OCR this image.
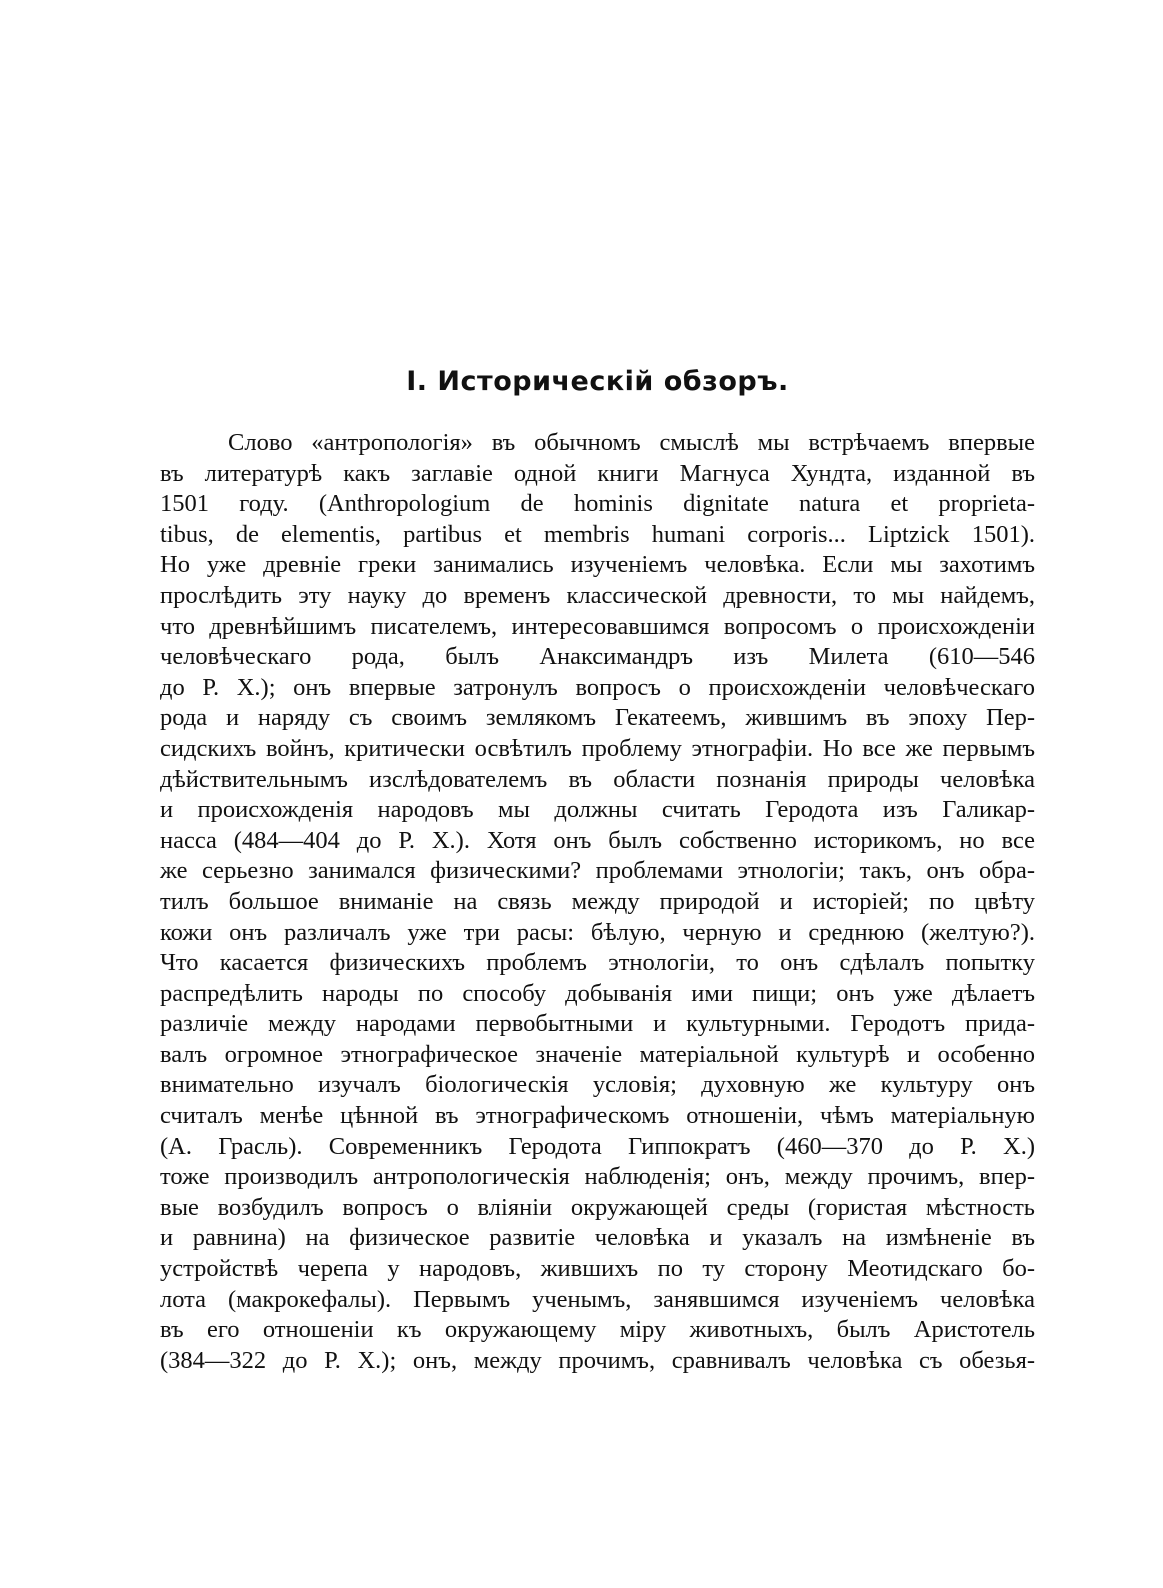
I. Историческій обзоръ.
Слово «антропологія» въ обычномъ смыслѣ мы встрѣчаемъ впервые
въ литературѣ какъ заглавіе одной книги Магнуса Хундта, изданной въ
1501 году. (Anthropologium de hominis dignitate natura et proprieta-
tibus, de elementis, partibus et membris humani corporis... Liptzick 1501).
Но уже древніе греки занимались изученіемъ человѣка. Если мы захотимъ
прослѣдить эту науку до временъ классической древности, то мы найдемъ,
что древнѣйшимъ писателемъ, интересовавшимся вопросомъ о происхожденіи
человѣческаго рода, былъ Анаксимандръ изъ Милета (610—546
до Р. Х.); онъ впервые затронулъ вопросъ о происхожденіи человѣческаго
рода и наряду съ своимъ землякомъ Гекатеемъ, жившимъ въ эпоху Пер-
сидскихъ войнъ, критически освѣтилъ проблему этнографіи. Но все же первымъ
дѣйствительнымъ изслѣдователемъ въ области познанія природы человѣка
и происхожденія народовъ мы должны считать Геродота изъ Галикар-
насса (484—404 до Р. Х.). Хотя онъ былъ собственно историкомъ, но все
же серьезно занимался физическими? проблемами этнологіи; такъ, онъ обра-
тилъ большое вниманіе на связь между природой и исторіей; по цвѣту
кожи онъ различалъ уже три расы: бѣлую, черную и среднюю (желтую?).
Что касается физическихъ проблемъ этнологіи, то онъ сдѣлалъ попытку
распредѣлить народы по способу добыванія ими пищи; онъ уже дѣлаетъ
различіе между народами первобытными и культурными. Геродотъ прида-
валъ огромное этнографическое значеніе матеріальной культурѣ и особенно
внимательно изучалъ біологическія условія; духовную же культуру онъ
считалъ менѣе цѣнной въ этнографическомъ отношеніи, чѣмъ матеріальную
(А. Грасль). Современникъ Геродота Гиппократъ (460—370 до Р. Х.)
тоже производилъ антропологическія наблюденія; онъ, между прочимъ, впер-
вые возбудилъ вопросъ о вліяніи окружающей среды (гористая мѣстность
и равнина) на физическое развитіе человѣка и указалъ на измѣненіе въ
устройствѣ черепа у народовъ, жившихъ по ту сторону Меотидскаго бо-
лота (макрокефалы). Первымъ ученымъ, занявшимся изученіемъ человѣка
въ его отношеніи къ окружающему міру животныхъ, былъ Аристотель
(384—322 до Р. Х.); онъ, между прочимъ, сравнивалъ человѣка съ обезья-
